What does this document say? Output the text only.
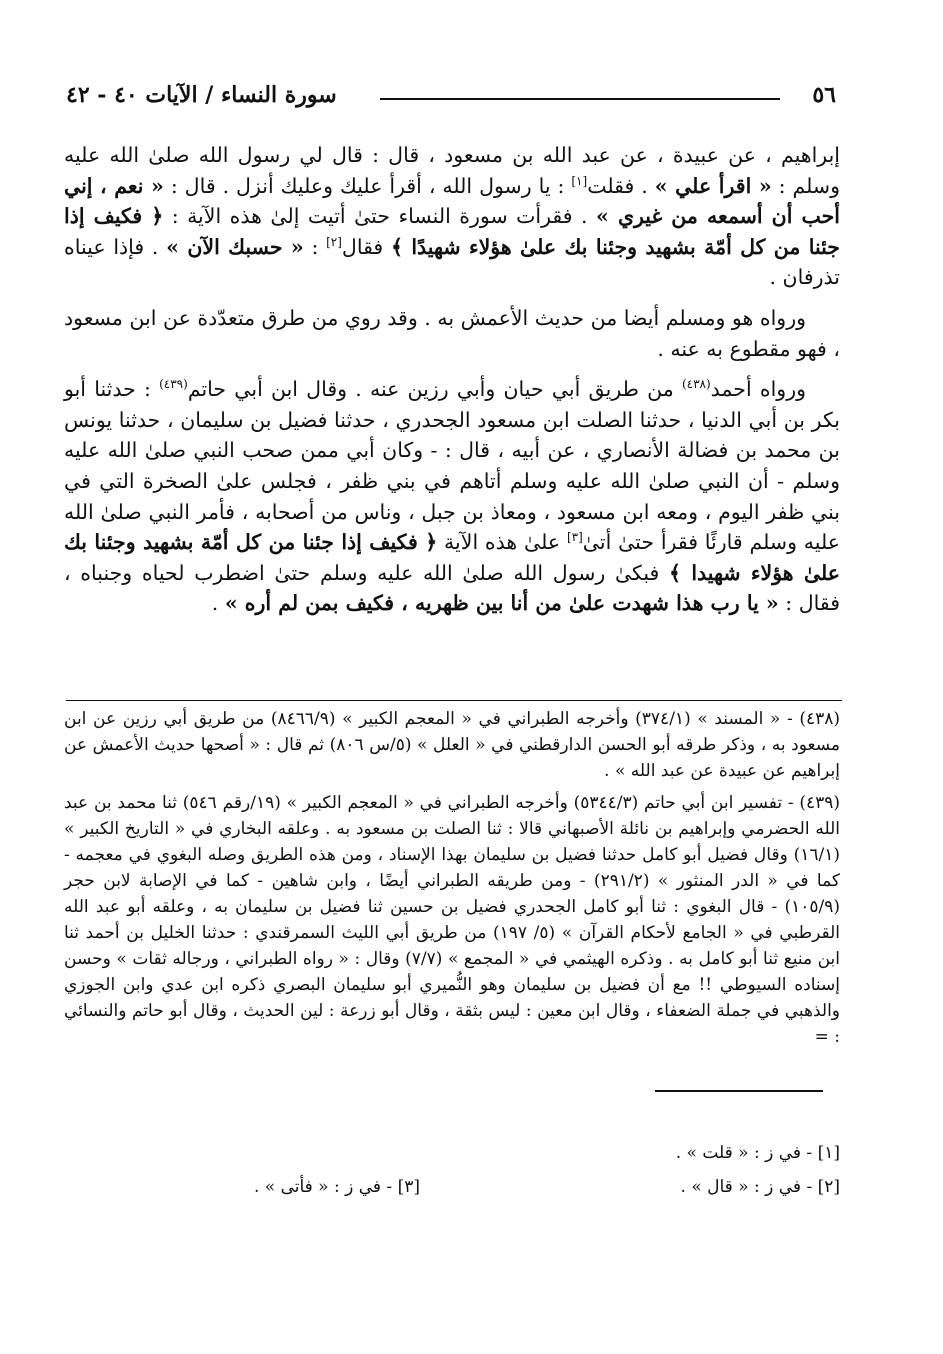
٥٦
سورة النساء / الآيات ٤٠ - ٤٢

إبراهيم ، عن عبيدة ، عن عبد الله بن مسعود ، قال : قال لي رسول الله صلىٰ الله عليه وسلم : « اقرأ علي » . فقلت[١] : يا رسول الله ، أقرأ عليك وعليك أنزل . قال : « نعم ، إني أحب أن أسمعه من غيري » . فقرأت سورة النساء حتىٰ أتيت إلىٰ هذه الآية : ﴿ فكيف إذا جئنا من كل أمّة بشهيد وجئنا بك علىٰ هؤلاء شهيدًا ﴾ فقال[٢] : « حسبك الآن » . فإذا عيناه تذرفان .

ورواه هو ومسلم أيضا من حديث الأعمش به . وقد روي من طرق متعدّدة عن ابن مسعود ، فهو مقطوع به عنه .

ورواه أحمد$^{(٤٣٨)}$ من طريق أبي حيان وأبي رزين عنه . وقال ابن أبي حاتم$^{(٤٣٩)}$ : حدثنا أبو بكر بن أبي الدنيا ، حدثنا الصلت ابن مسعود الجحدري ، حدثنا فضيل بن سليمان ، حدثنا يونس بن محمد بن فضالة الأنصاري ، عن أبيه ، قال : - وكان أبي ممن صحب النبي صلىٰ الله عليه وسلم - أن النبي صلىٰ الله عليه وسلم أتاهم في بني ظفر ، فجلس علىٰ الصخرة التي في بني ظفر اليوم ، ومعه ابن مسعود ، ومعاذ بن جبل ، وناس من أصحابه ، فأمر النبي صلىٰ الله عليه وسلم قارئًا فقرأ حتىٰ أتىٰ[٣] علىٰ هذه الآية ﴿ فكيف إذا جئنا من كل أمّة بشهيد وجئنا بك علىٰ هؤلاء شهيدا ﴾ فبكىٰ رسول الله صلىٰ الله عليه وسلم حتىٰ اضطرب لحياه وجنباه ، فقال : « يا رب هذا شهدت علىٰ من أنا بين ظهريه ، فكيف بمن لم أره » .

(٤٣٨) - « المسند » (٣٧٤/١) وأخرجه الطبراني في « المعجم الكبير » (٨٤٦٦/٩) من طريق أبي رزين عن ابن مسعود به ، وذكر طرقه أبو الحسن الدارقطني في « العلل » (٥/س ٨٠٦) ثم قال : « أصحها حديث الأعمش عن إبراهيم عن عبيدة عن عبد الله » .

(٤٣٩) - تفسير ابن أبي حاتم (٥٣٤٤/٣) وأخرجه الطبراني في « المعجم الكبير » (١٩/رقم ٥٤٦) ثنا محمد بن عبد الله الحضرمي وإبراهيم بن نائلة الأصبهاني قالا : ثنا الصلت بن مسعود به . وعلقه البخاري في « التاريخ الكبير » (١٦/١) وقال فضيل أبو كامل حدثنا فضيل بن سليمان بهذا الإسناد ، ومن هذه الطريق وصله البغوي في معجمه - كما في « الدر المنثور » (٢٩١/٢) - ومن طريقه الطبراني أيضًا ، وابن شاهين - كما في الإصابة لابن حجر (١٠٥/٩) - قال البغوي : ثنا أبو كامل الجحدري فضيل بن حسين ثنا فضيل بن سليمان به ، وعلقه أبو عبد الله القرطبي في « الجامع لأحكام القرآن » (٥/ ١٩٧) من طريق أبي الليث السمرقندي : حدثنا الخليل بن أحمد ثنا ابن منيع ثنا أبو كامل به . وذكره الهيثمي في « المجمع » (٧/٧) وقال : « رواه الطبراني ، ورجاله ثقات » وحسن إسناده السيوطي !! مع أن فضيل بن سليمان وهو النُّميري أبو سليمان البصري ذكره ابن عدي وابن الجوزي والذهبي في جملة الضعفاء ، وقال ابن معين : ليس بثقة ، وقال أبو زرعة : لين الحديث ، وقال أبو حاتم والنسائي : =

[١] - في ز : « قلت » .
[٢] - في ز : « قال » .
[٣] - في ز : « فأتى » .
